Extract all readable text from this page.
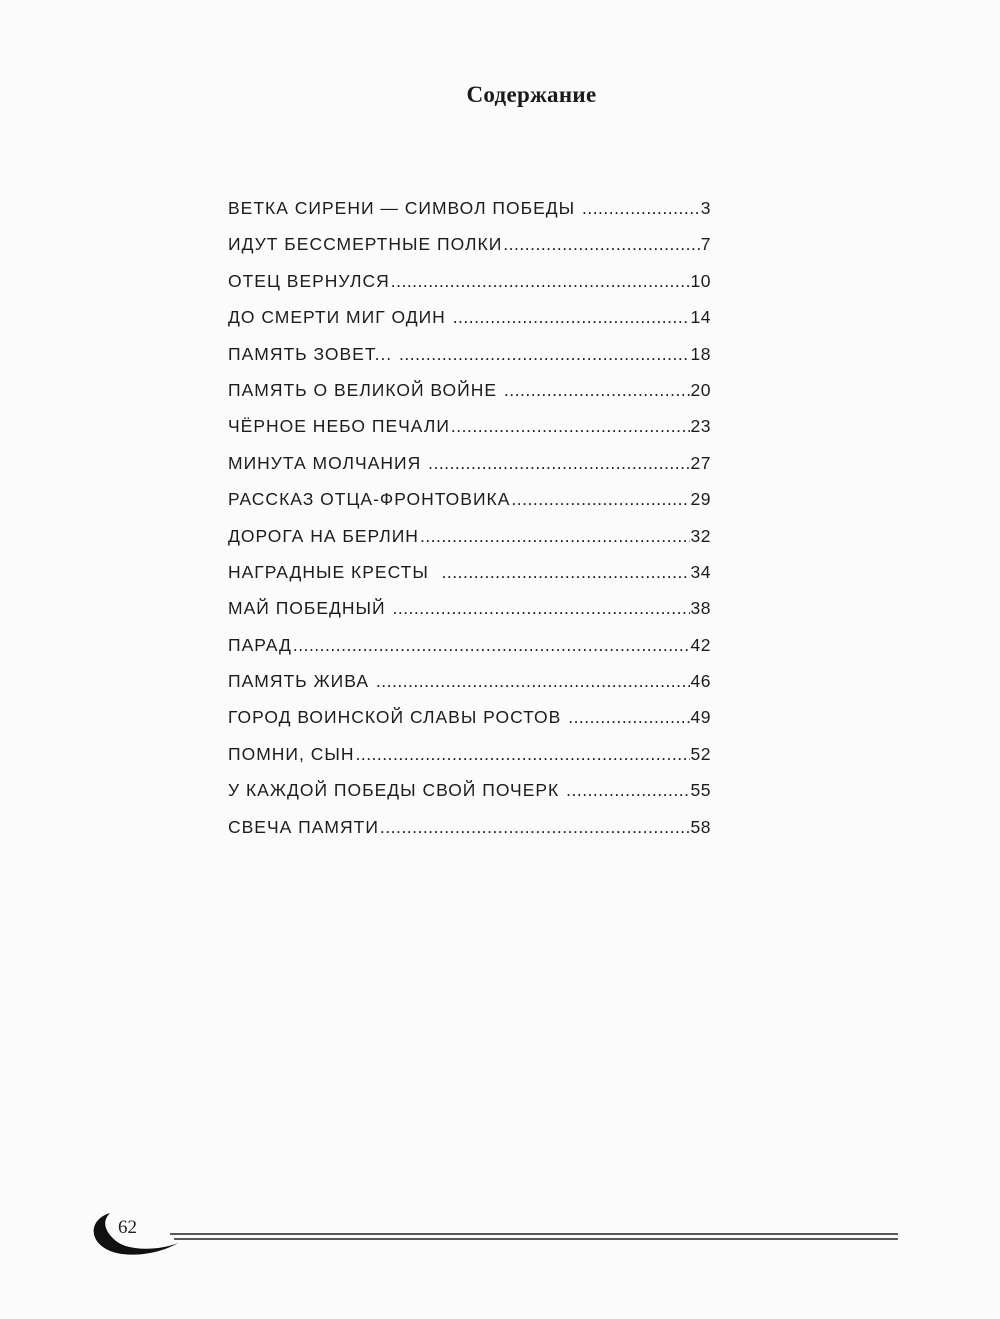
Содержание
ВЕТКА СИРЕНИ — СИМВОЛ ПОБЕДЫ .....	3
ИДУТ БЕССМЕРТНЫЕ ПОЛКИ .....	7
ОТЕЦ ВЕРНУЛСЯ .....	10
ДО СМЕРТИ МИГ ОДИН .....	14
ПАМЯТЬ ЗОВЕТ... .....	18
ПАМЯТЬ О ВЕЛИКОЙ ВОЙНЕ .....	20
ЧЁРНОЕ НЕБО ПЕЧАЛИ .....	23
МИНУТА МОЛЧАНИЯ .....	27
РАССКАЗ ОТЦА-ФРОНТОВИКА .....	29
ДОРОГА НА БЕРЛИН .....	32
НАГРАДНЫЕ КРЕСТЫ .....	34
МАЙ ПОБЕДНЫЙ .....	38
ПАРАД .....	42
ПАМЯТЬ ЖИВА .....	46
ГОРОД ВОИНСКОЙ СЛАВЫ РОСТОВ .....	49
ПОМНИ, СЫН .....	52
У КАЖДОЙ ПОБЕДЫ СВОЙ ПОЧЕРК .....	55
СВЕЧА ПАМЯТИ .....	58
62
